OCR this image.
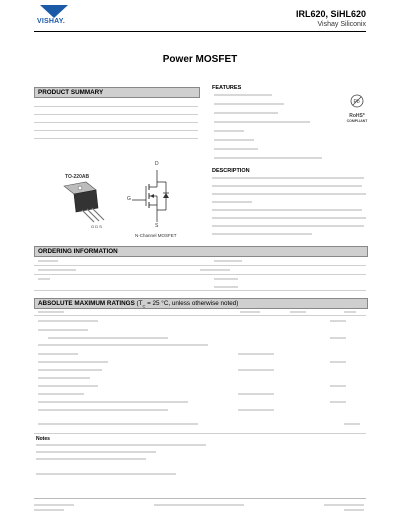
VISHAY.
IRL620, SiHL620
Vishay Siliconix
Power MOSFET
PRODUCT SUMMARY
TO-220AB
G D S
D
G
S
N-Channel MOSFET
FEATURES
Pb
RoHS*
COMPLIANT
DESCRIPTION
ORDERING INFORMATION
ABSOLUTE MAXIMUM RATINGS ($T_C = 25$ °C, unless otherwise noted)
Notes
